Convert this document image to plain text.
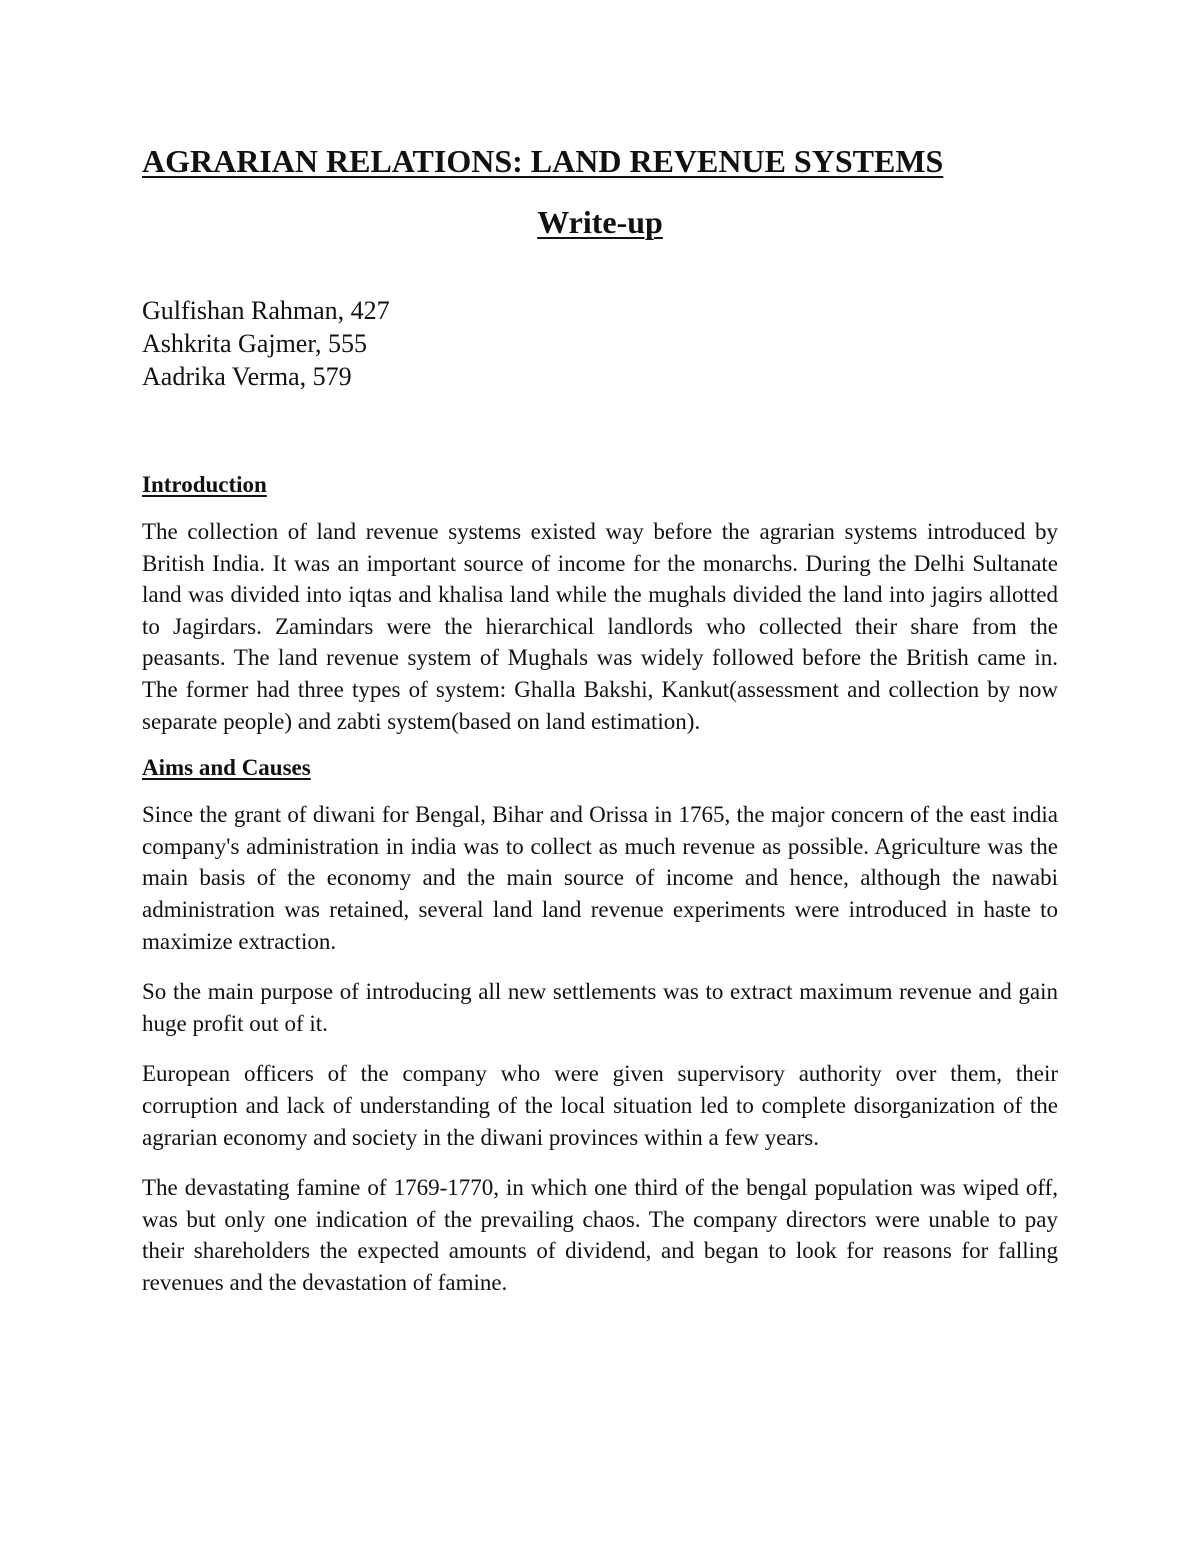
AGRARIAN RELATIONS: LAND REVENUE SYSTEMS
Write-up
Gulfishan Rahman, 427
Ashkrita Gajmer, 555
Aadrika Verma, 579
Introduction

The collection of land revenue systems existed way before the agrarian systems introduced by British India. It was an important source of income for the monarchs. During the Delhi Sultanate land was divided into iqtas and khalisa land while the mughals divided the land into jagirs allotted to Jagirdars. Zamindars were the hierarchical landlords who collected their share from the peasants. The land revenue system of Mughals was widely followed before the British came in. The former had three types of system: Ghalla Bakshi, Kankut(assessment and collection by now separate people) and zabti system(based on land estimation).

Aims and Causes

Since the grant of diwani for Bengal, Bihar and Orissa in 1765, the major concern of the east india company's administration in india was to collect as much revenue as possible. Agriculture was the main basis of the economy and the main source of income and hence, although the nawabi administration was retained, several land land revenue experiments were introduced in haste to maximize extraction.

So the main purpose of introducing all new settlements was to extract maximum revenue and gain huge profit out of it.

European officers of the company who were given supervisory authority over them, their corruption and lack of understanding of the local situation led to complete disorganization of the agrarian economy and society in the diwani provinces within a few years.

The devastating famine of 1769-1770, in which one third of the bengal population was wiped off, was but only one indication of the prevailing chaos. The company directors were unable to pay their shareholders the expected amounts of dividend, and began to look for reasons for falling revenues and the devastation of famine.
